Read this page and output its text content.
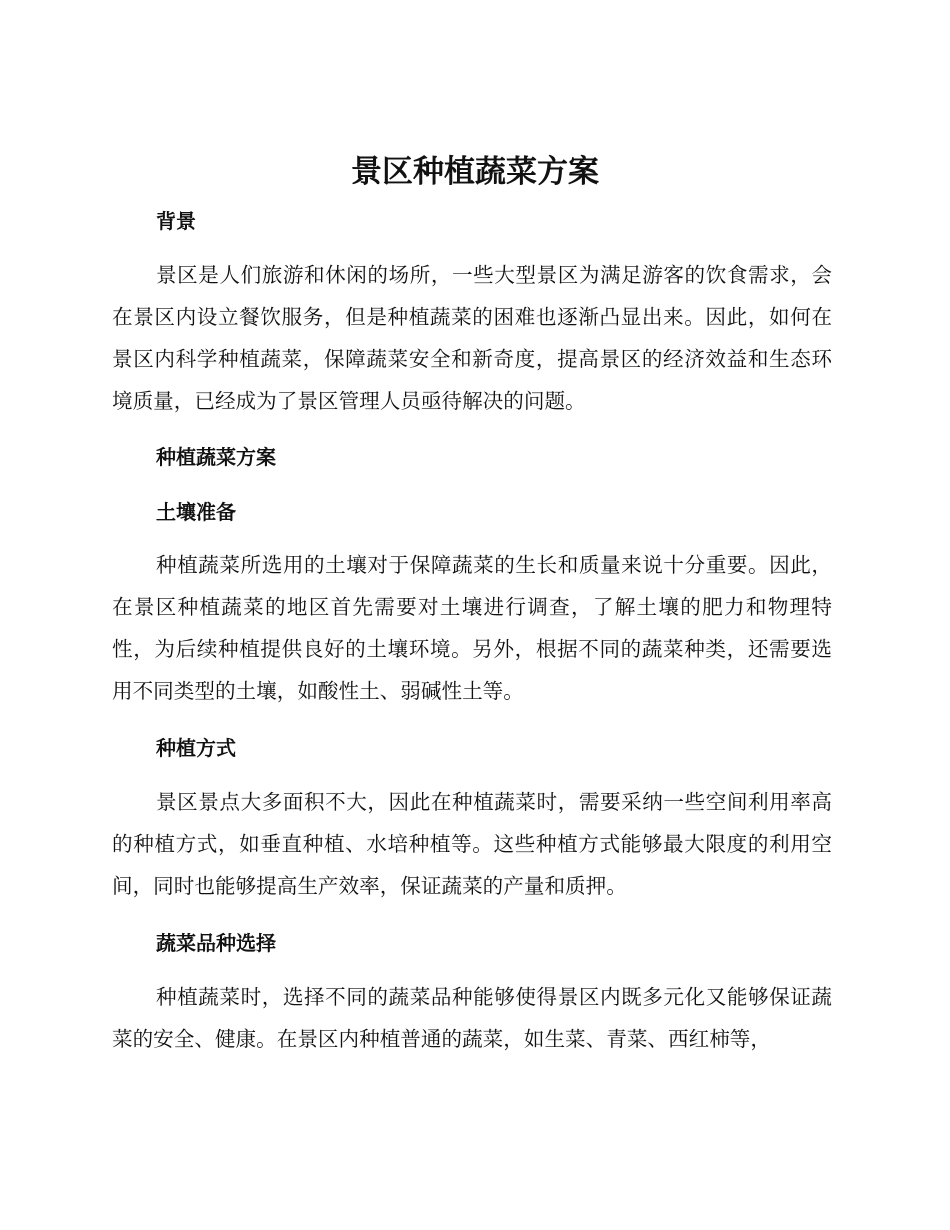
景区种植蔬菜方案
背景

景区是人们旅游和休闲的场所，一些大型景区为满足游客的饮食需求，会在景区内设立餐饮服务，但是种植蔬菜的困难也逐渐凸显出来。因此，如何在景区内科学种植蔬菜，保障蔬菜安全和新奇度，提高景区的经济效益和生态环境质量，已经成为了景区管理人员亟待解决的问题。

种植蔬菜方案
土壤准备

种植蔬菜所选用的土壤对于保障蔬菜的生长和质量来说十分重要。因此，在景区种植蔬菜的地区首先需要对土壤进行调查，了解土壤的肥力和物理特性，为后续种植提供良好的土壤环境。另外，根据不同的蔬菜种类，还需要选用不同类型的土壤，如酸性土、弱碱性土等。

种植方式

景区景点大多面积不大，因此在种植蔬菜时，需要采纳一些空间利用率高的种植方式，如垂直种植、水培种植等。这些种植方式能够最大限度的利用空间，同时也能够提高生产效率，保证蔬菜的产量和质押。

蔬菜品种选择

种植蔬菜时，选择不同的蔬菜品种能够使得景区内既多元化又能够保证蔬菜的安全、健康。在景区内种植普通的蔬菜，如生菜、青菜、西红柿等，
